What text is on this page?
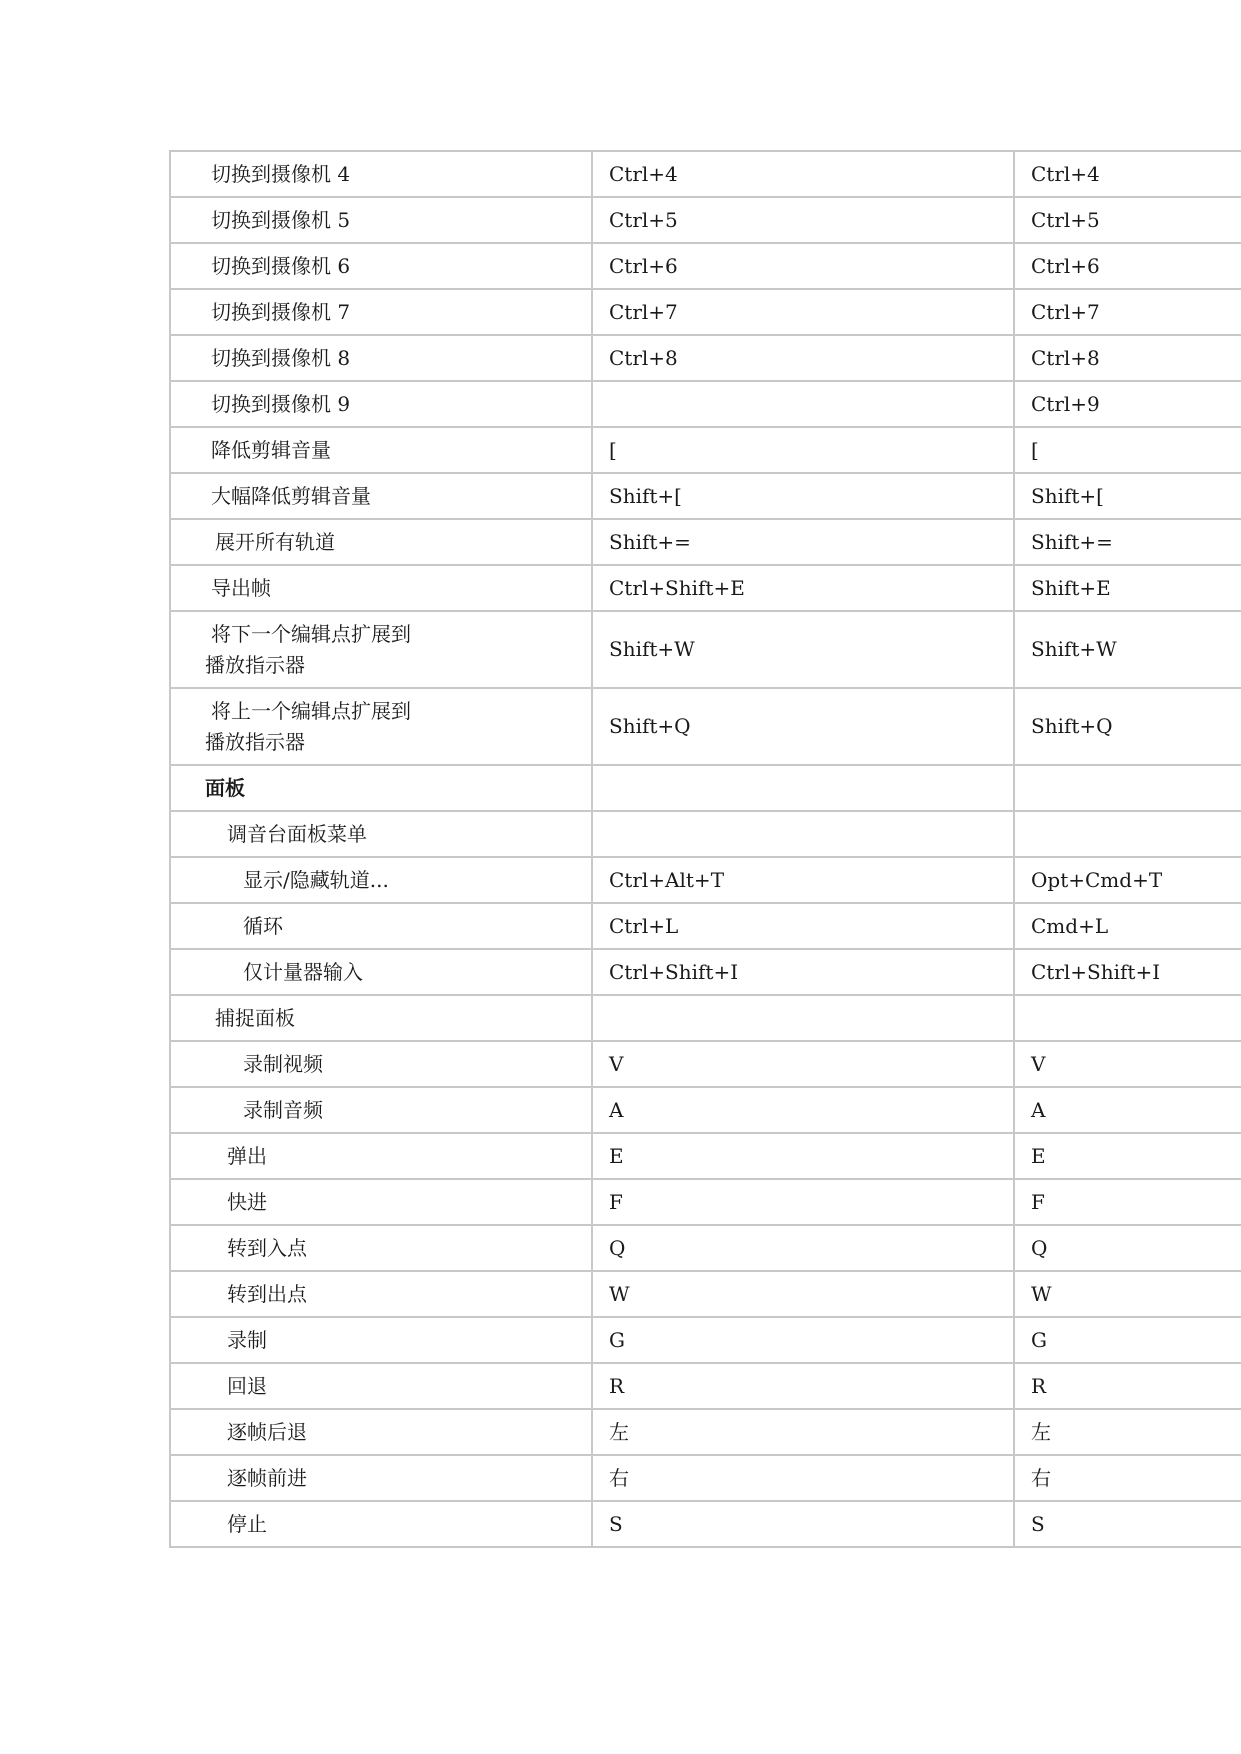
切换到摄像机 4	Ctrl+4	Ctrl+4
切换到摄像机 5	Ctrl+5	Ctrl+5
切换到摄像机 6	Ctrl+6	Ctrl+6
切换到摄像机 7	Ctrl+7	Ctrl+7
切换到摄像机 8	Ctrl+8	Ctrl+8
切换到摄像机 9		Ctrl+9
降低剪辑音量	[	[
大幅降低剪辑音量	Shift+[	Shift+[
展开所有轨道	Shift+=	Shift+=
导出帧	Ctrl+Shift+E	Shift+E

将下一个编辑点扩展到
播放指示器	Shift+W	Shift+W

将上一个编辑点扩展到
播放指示器	Shift+Q	Shift+Q
面板		
调音台面板菜单		
显示/隐藏轨道...	Ctrl+Alt+T	Opt+Cmd+T
循环	Ctrl+L	Cmd+L
仅计量器输入	Ctrl+Shift+I	Ctrl+Shift+I
捕捉面板		
录制视频	V	V
录制音频	A	A
弹出	E	E
快进	F	F
转到入点	Q	Q
转到出点	W	W
录制	G	G
回退	R	R
逐帧后退	左	左
逐帧前进	右	右
停止	S	S
